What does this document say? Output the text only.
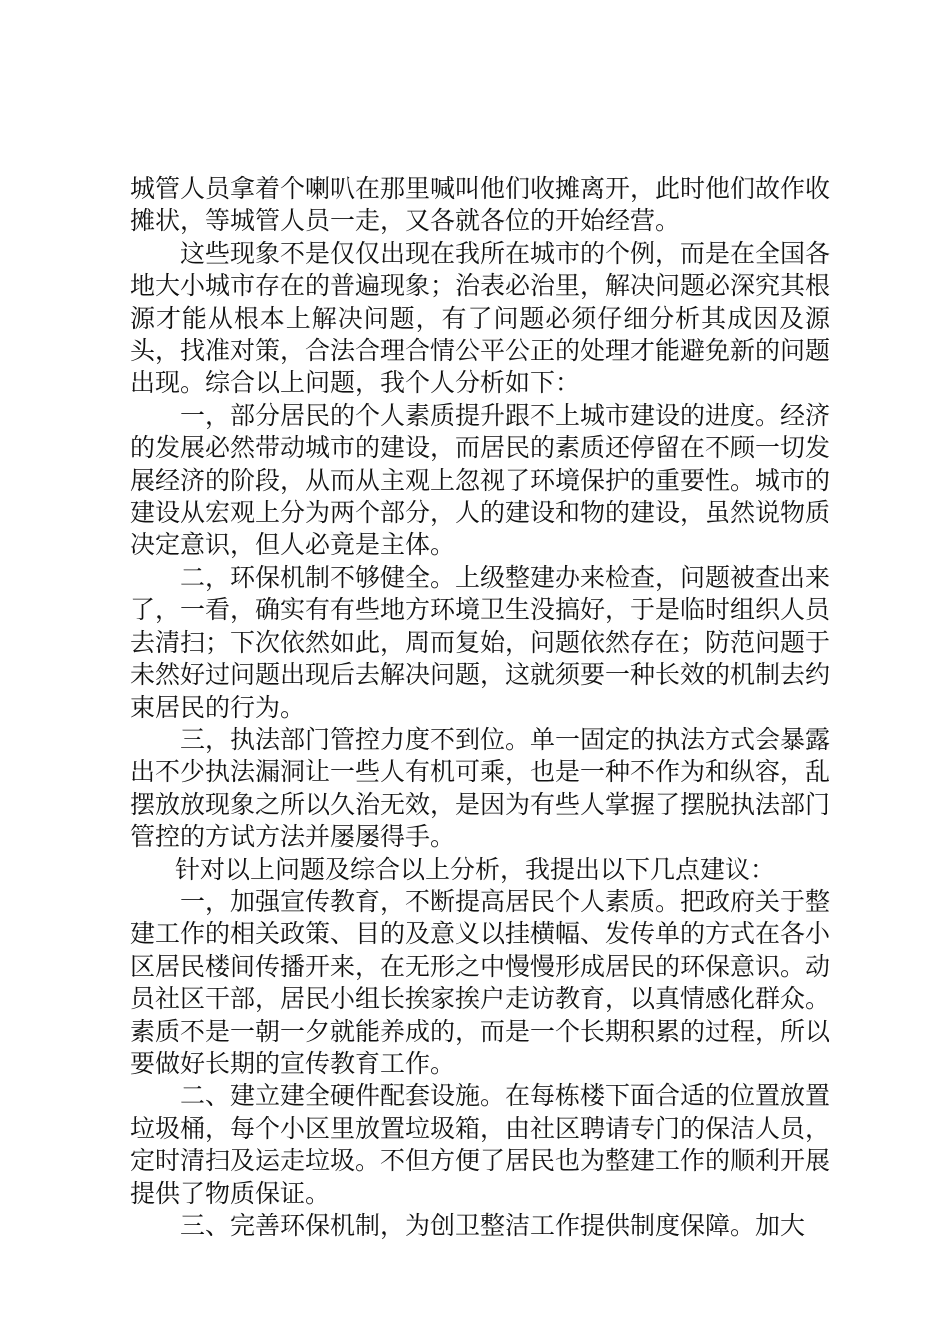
城管人员拿着个喇叭在那里喊叫他们收摊离开，此时他们故作收摊状，等城管人员一走，又各就各位的开始经营。

这些现象不是仅仅出现在我所在城市的个例，而是在全国各地大小城市存在的普遍现象；治表必治里，解决问题必深究其根源才能从根本上解决问题，有了问题必须仔细分析其成因及源头，找准对策，合法合理合情公平公正的处理才能避免新的问题出现。综合以上问题，我个人分析如下：

一，部分居民的个人素质提升跟不上城市建设的进度。经济的发展必然带动城市的建设，而居民的素质还停留在不顾一切发展经济的阶段，从而从主观上忽视了环境保护的重要性。城市的建设从宏观上分为两个部分，人的建设和物的建设，虽然说物质决定意识，但人必竟是主体。

二，环保机制不够健全。上级整建办来检查，问题被查出来了，一看，确实有有些地方环境卫生没搞好，于是临时组织人员去清扫；下次依然如此，周而复始，问题依然存在；防范问题于未然好过问题出现后去解决问题，这就须要一种长效的机制去约束居民的行为。

三，执法部门管控力度不到位。单一固定的执法方式会暴露出不少执法漏洞让一些人有机可乘，也是一种不作为和纵容，乱摆放放现象之所以久治无效，是因为有些人掌握了摆脱执法部门管控的方试方法并屡屡得手。

针对以上问题及综合以上分析，我提出以下几点建议：

一，加强宣传教育，不断提高居民个人素质。把政府关于整建工作的相关政策、目的及意义以挂横幅、发传单的方式在各小区居民楼间传播开来，在无形之中慢慢形成居民的环保意识。动员社区干部，居民小组长挨家挨户走访教育，以真情感化群众。素质不是一朝一夕就能养成的，而是一个长期积累的过程，所以要做好长期的宣传教育工作。

二、建立建全硬件配套设施。在每栋楼下面合适的位置放置垃圾桶，每个小区里放置垃圾箱，由社区聘请专门的保洁人员，定时清扫及运走垃圾。不但方便了居民也为整建工作的顺利开展提供了物质保证。

三、完善环保机制，为创卫整洁工作提供制度保障。加大
